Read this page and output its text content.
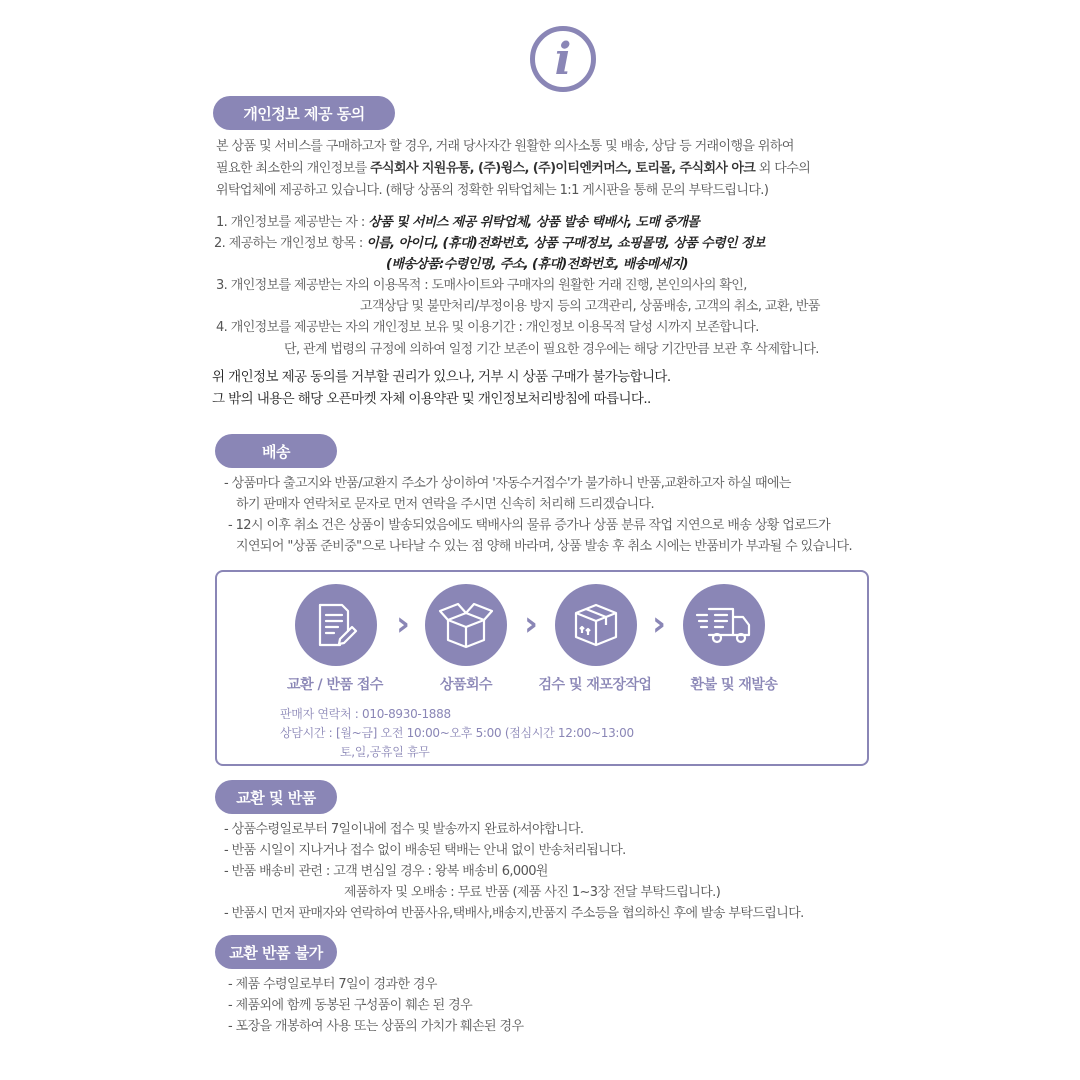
i
개인정보 제공 동의
본 상품 및 서비스를 구매하고자 할 경우, 거래 당사자간 원활한 의사소통 및 배송, 상담 등 거래이행을 위하여
필요한 최소한의 개인정보를 주식회사 지원유통, (주)윙스, (주)이티엔커머스, 토리몰, 주식회사 아크 외 다수의
위탁업체에 제공하고 있습니다. (해당 상품의 정확한 위탁업체는 1:1 게시판을 통해 문의 부탁드립니다.)
1. 개인정보를 제공받는 자 : 상품 및 서비스 제공 위탁업체, 상품 발송 택배사, 도매 중개몰
2. 제공하는 개인정보 항목 : 이름, 아이디, (휴대)전화번호, 상품 구매정보, 쇼핑몰명, 상품 수령인 정보
(배송상품:수령인명, 주소, (휴대)전화번호, 배송메세지)
3. 개인정보를 제공받는 자의 이용목적 : 도매사이트와 구매자의 원활한 거래 진행, 본인의사의 확인,
고객상담 및 불만처리/부정이용 방지 등의 고객관리, 상품배송, 고객의 취소, 교환, 반품
4. 개인정보를 제공받는 자의 개인정보 보유 및 이용기간 : 개인정보 이용목적 달성 시까지 보존합니다.
단, 관계 법령의 규정에 의하여 일정 기간 보존이 필요한 경우에는 해당 기간만큼 보관 후 삭제합니다.
위 개인정보 제공 동의를 거부할 권리가 있으나, 거부 시 상품 구매가 불가능합니다.
그 밖의 내용은 해당 오픈마켓 자체 이용약관 및 개인정보처리방침에 따릅니다..
배송
- 상품마다 출고지와 반품/교환지 주소가 상이하여 '자동수거접수'가 불가하니 반품,교환하고자 하실 때에는
하기 판매자 연락처로 문자로 먼저 연락을 주시면 신속히 처리해 드리겠습니다.
- 12시 이후 취소 건은 상품이 발송되었음에도 택배사의 물류 증가나 상품 분류 작업 지연으로 배송 상황 업로드가
지연되어 "상품 준비중"으로 나타날 수 있는 점 양해 바라며, 상품 발송 후 취소 시에는 반품비가 부과될 수 있습니다.
›	›	›
교환 / 반품 접수	상품회수	검수 및 재포장작업	환불 및 재발송
판매자 연락처 : 010-8930-1888
상담시간 : [월~금] 오전 10:00~오후 5:00 (점심시간 12:00~13:00
토,일,공휴일 휴무
교환 및 반품
- 상품수령일로부터 7일이내에 접수 및 발송까지 완료하셔야합니다.
- 반품 시일이 지나거나 접수 없이 배송된 택배는 안내 없이 반송처리됩니다.
- 반품 배송비 관련 : 고객 변심일 경우 : 왕복 배송비 6,000원
제품하자 및 오배송 : 무료 반품 (제품 사진 1~3장 전달 부탁드립니다.)
- 반품시 먼저 판매자와 연락하여 반품사유,택배사,배송지,반품지 주소등을 협의하신 후에 발송 부탁드립니다.
교환 반품 불가
- 제품 수령일로부터 7일이 경과한 경우
- 제품외에 함께 동봉된 구성품이 훼손 된 경우
- 포장을 개봉하여 사용 또는 상품의 가치가 훼손된 경우
